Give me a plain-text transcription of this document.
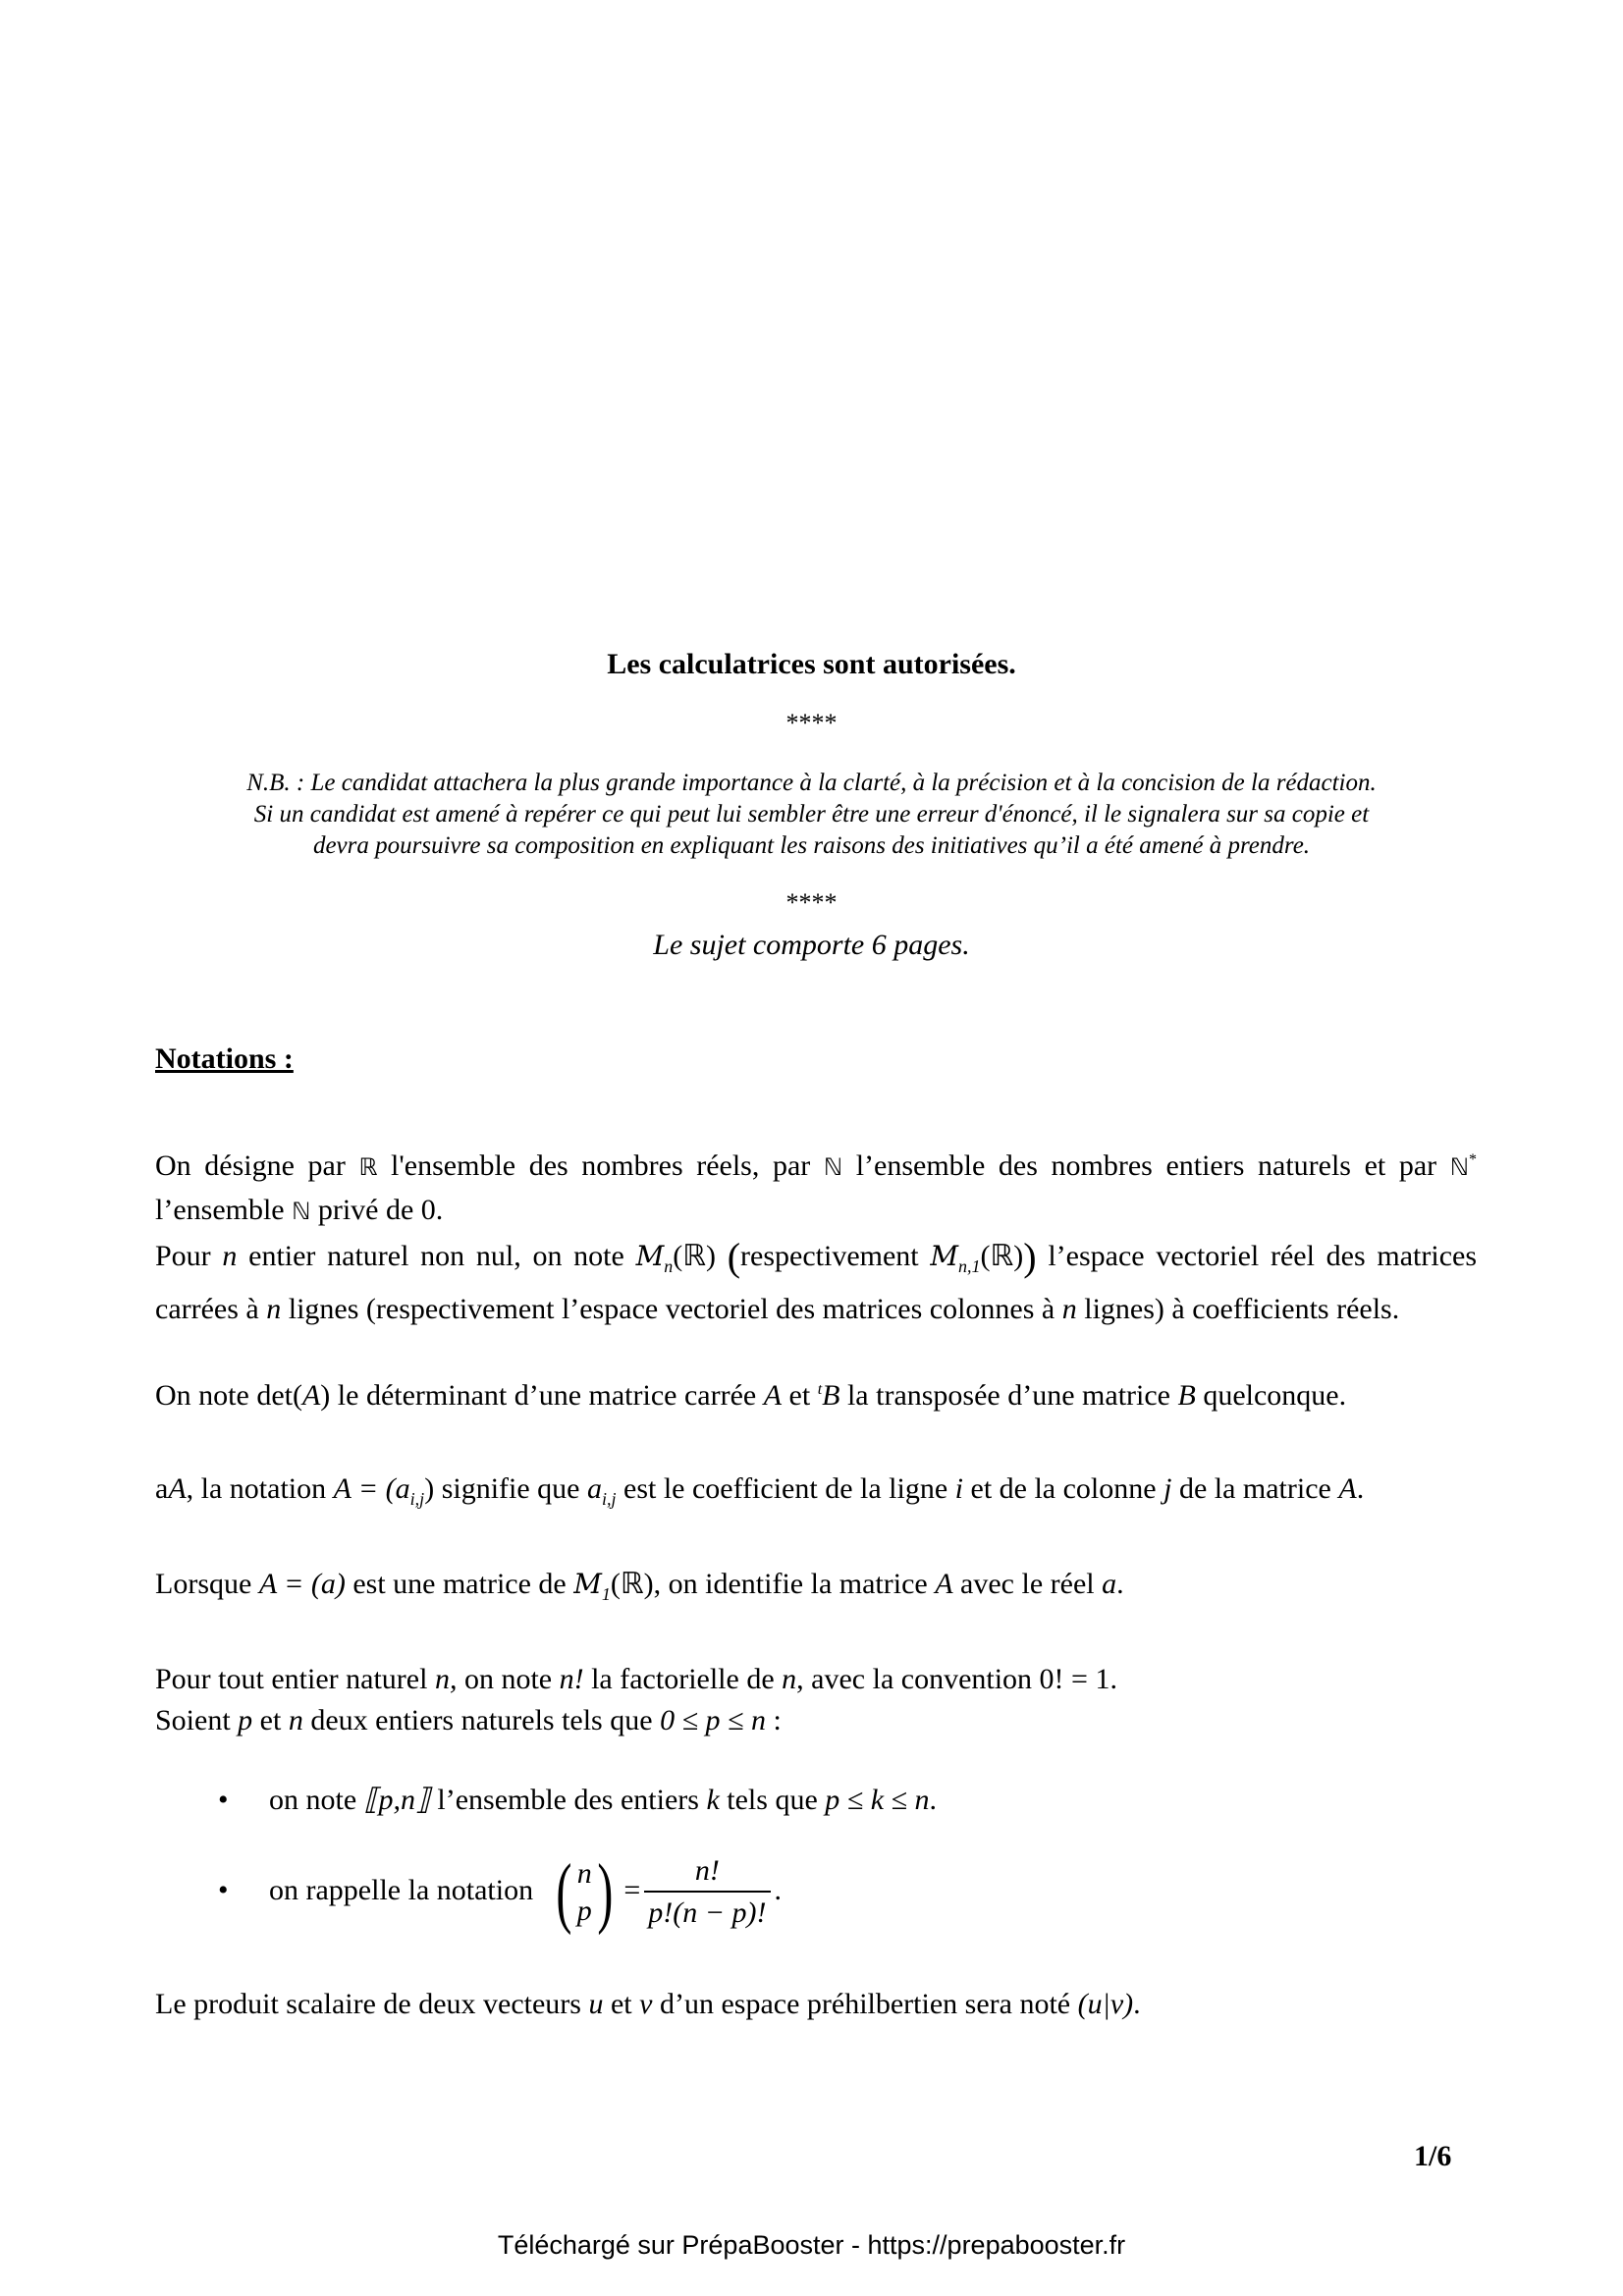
Les calculatrices sont autorisées.
****
N.B. : Le candidat attachera la plus grande importance à la clarté, à la précision et à la concision de la rédaction.
Si un candidat est amené à repérer ce qui peut lui sembler être une erreur d'énoncé, il le signalera sur sa copie et
devra poursuivre sa composition en expliquant les raisons des initiatives qu’il a été amené à prendre.
****
Le sujet comporte 6 pages.
Notations :
On désigne par ℝ l'ensemble des nombres réels, par ℕ l’ensemble des nombres entiers naturels et par ℕ* l’ensemble ℕ privé de 0.
Pour n entier naturel non nul, on note $M_n(ℝ)$ (respectivement $M_{n,1}(ℝ)$) l’espace vectoriel réel des matrices carrées à n lignes (respectivement l’espace vectoriel des matrices colonnes à n lignes) à coefficients réels.
On note det(A) le déterminant d’une matrice carrée A et $^t$B la transposée d’une matrice B quelconque.
aA, la notation $A = (a_{i,j})$ signifie que $a_{i,j}$ est le coefficient de la ligne i et de la colonne j de la matrice A.
Lorsque A = (a) est une matrice de $M_1(ℝ)$, on identifie la matrice A avec le réel a.
Pour tout entier naturel n, on note n! la factorielle de n, avec la convention 0! = 1.
Soient p et n deux entiers naturels tels que 0 ≤ p ≤ n :
• on note ⟦p,n⟧ l’ensemble des entiers k tels que p ≤ k ≤ n.
• on rappelle la notation ( n
p ) = $\frac{n!}{p!(n - p)!}$ .
Le produit scalaire de deux vecteurs u et v d’un espace préhilbertien sera noté (u|v).
1/6
Téléchargé sur PrépaBooster - https://prepabooster.fr
